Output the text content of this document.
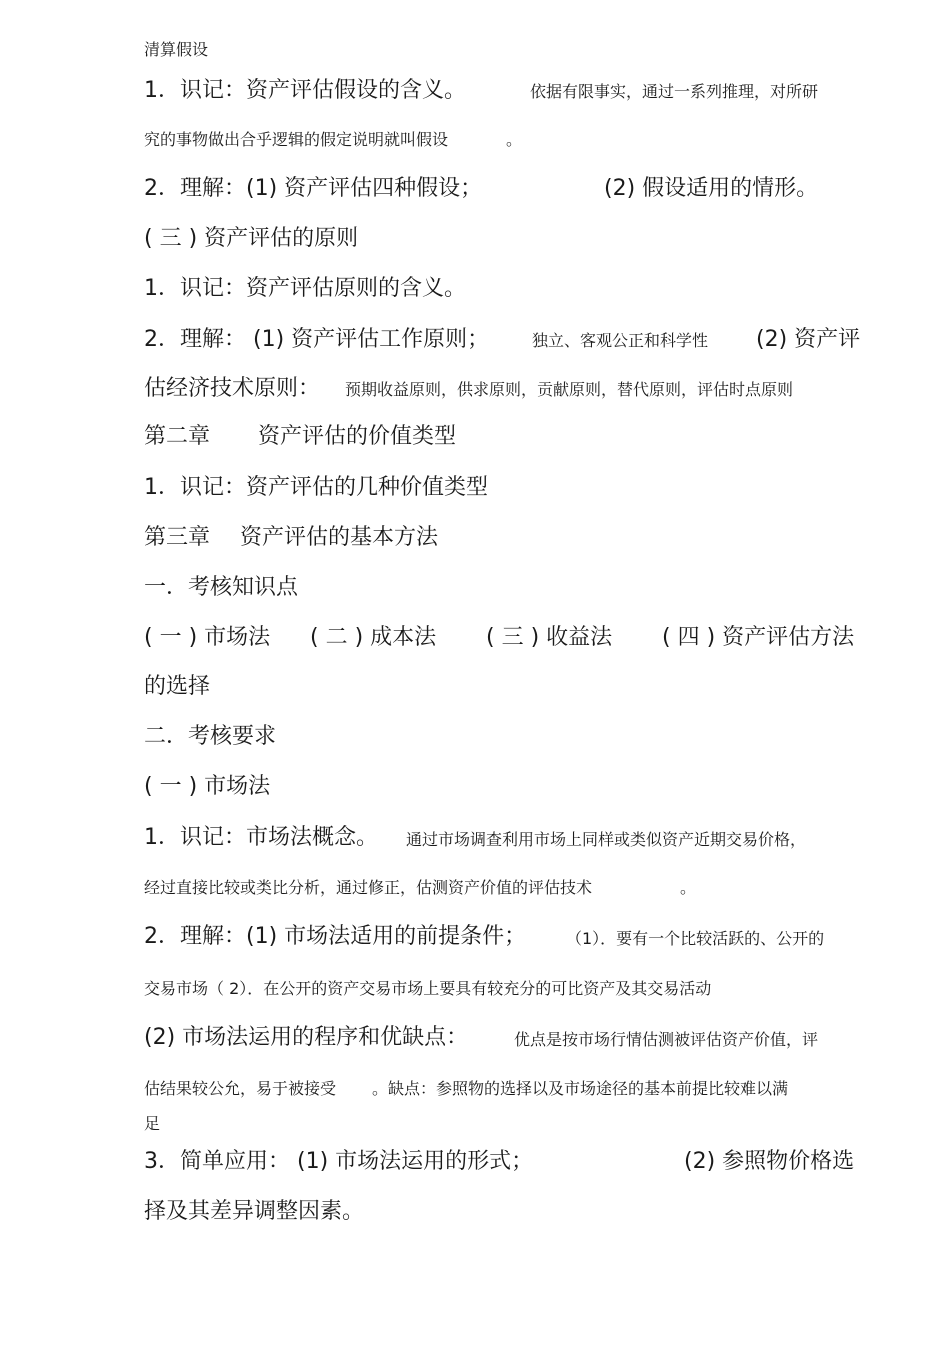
清算假设
1．识记：资产评估假设的含义。	依据有限事实，通过一系列推理，对所研
究的事物做出合乎逻辑的假定说明就叫假设	。
2．理解：(1) 资产评估四种假设；	(2) 假设适用的情形。
( 三 ) 资产评估的原则
1．识记：资产评估原则的含义。
2．理解： (1) 资产评估工作原则；	独立、客观公正和科学性 (2) 资产评
估经济技术原则： 预期收益原则，供求原则，贡献原则，替代原则，评估时点原则
第二章 资产评估的价值类型
1．识记：资产评估的几种价值类型
第三章 资产评估的基本方法
一．考核知识点
( 一 ) 市场法 ( 二 ) 成本法 ( 三 ) 收益法 ( 四 ) 资产评估方法
的选择
二．考核要求
( 一 ) 市场法
1．识记：市场法概念。 通过市场调查利用市场上同样或类似资产近期交易价格，
经过直接比较或类比分析，通过修正，估测资产价值的评估技术	。
2．理解：(1) 市场法适用的前提条件； （1）．要有一个比较活跃的、公开的
交易市场（ 2）．在公开的资产交易市场上要具有较充分的可比资产及其交易活动
(2) 市场法运用的程序和优缺点：	优点是按市场行情估测被评估资产价值，评
估结果较公允，易于被接受 。缺点：参照物的选择以及市场途径的基本前提比较难以满
足
3．简单应用： (1) 市场法运用的形式；	(2) 参照物价格选
择及其差异调整因素。
